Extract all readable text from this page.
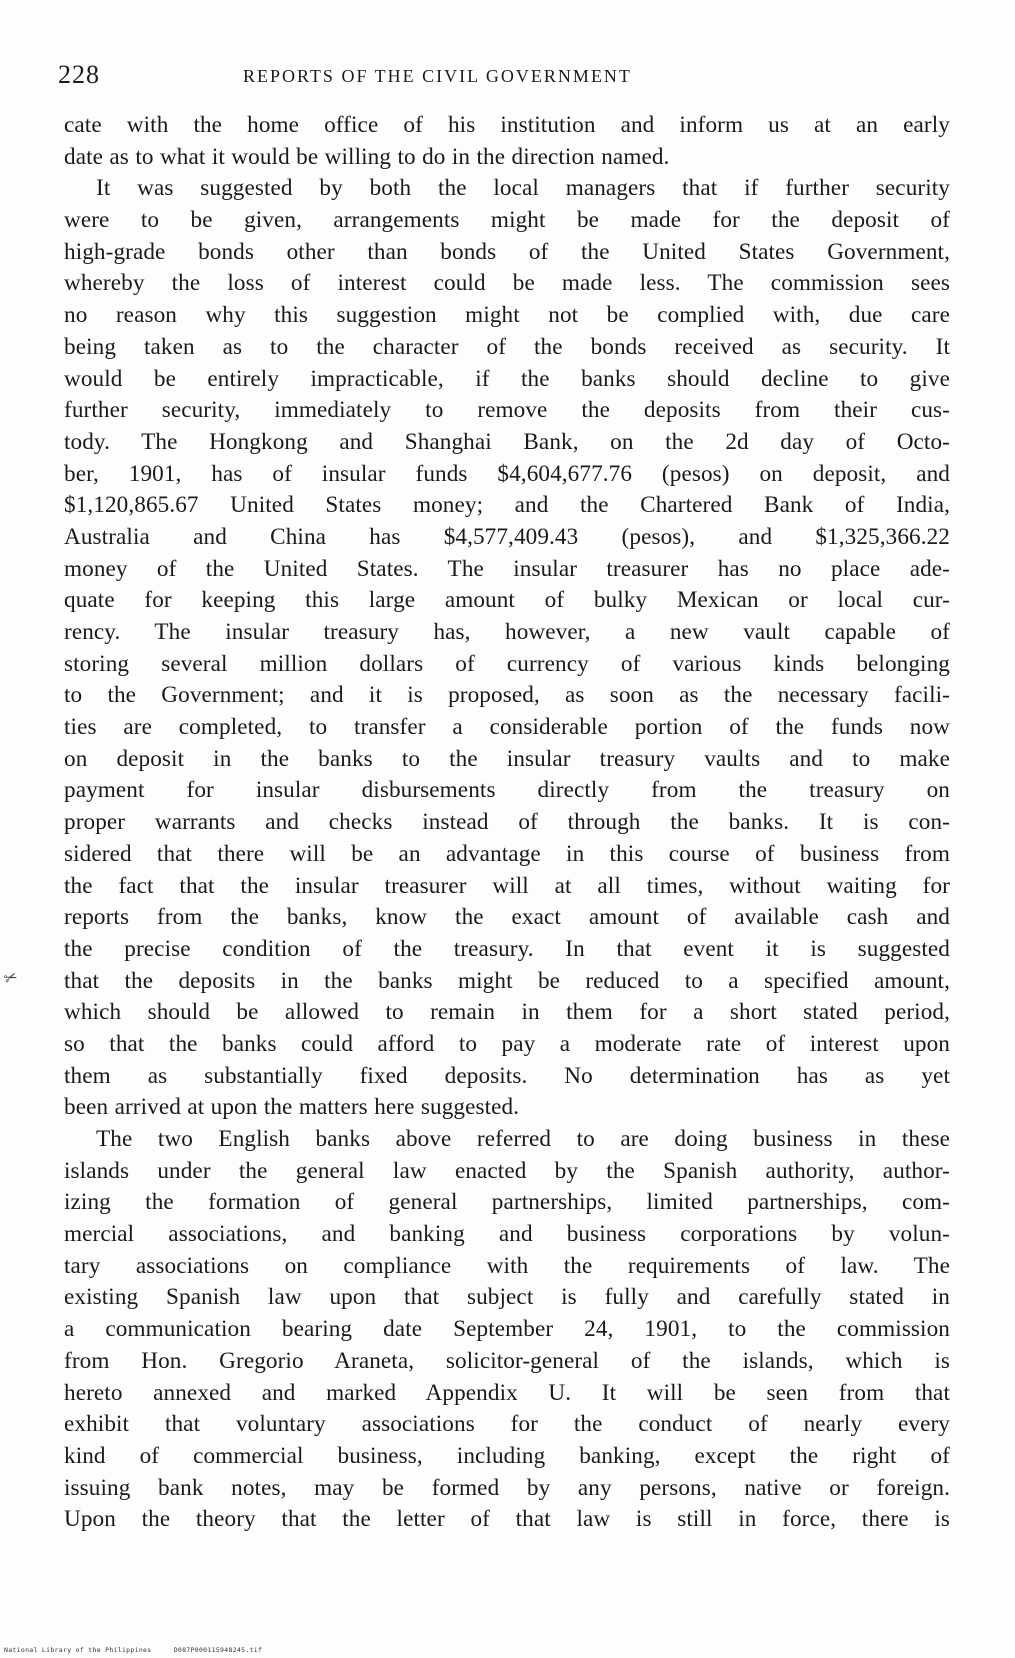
228	REPORTS OF THE CIVIL GOVERNMENT
cate with the home office of his institution and inform us at an early
date as to what it would be willing to do in the direction named.
It was suggested by both the local managers that if further security
were to be given, arrangements might be made for the deposit of
high-grade bonds other than bonds of the United States Government,
whereby the loss of interest could be made less. The commission sees
no reason why this suggestion might not be complied with, due care
being taken as to the character of the bonds received as security. It
would be entirely impracticable, if the banks should decline to give
further security, immediately to remove the deposits from their cus-
tody. The Hongkong and Shanghai Bank, on the 2d day of Octo-
ber, 1901, has of insular funds $4,604,677.76 (pesos) on deposit, and
$1,120,865.67 United States money; and the Chartered Bank of India,
Australia and China has $4,577,409.43 (pesos), and $1,325,366.22
money of the United States. The insular treasurer has no place ade-
quate for keeping this large amount of bulky Mexican or local cur-
rency. The insular treasury has, however, a new vault capable of
storing several million dollars of currency of various kinds belonging
to the Government; and it is proposed, as soon as the necessary facili-
ties are completed, to transfer a considerable portion of the funds now
on deposit in the banks to the insular treasury vaults and to make
payment for insular disbursements directly from the treasury on
proper warrants and checks instead of through the banks. It is con-
sidered that there will be an advantage in this course of business from
the fact that the insular treasurer will at all times, without waiting for
reports from the banks, know the exact amount of available cash and
the precise condition of the treasury. In that event it is suggested
that the deposits in the banks might be reduced to a specified amount,
which should be allowed to remain in them for a short stated period,
so that the banks could afford to pay a moderate rate of interest upon
them as substantially fixed deposits. No determination has as yet
been arrived at upon the matters here suggested.
The two English banks above referred to are doing business in these
islands under the general law enacted by the Spanish authority, author-
izing the formation of general partnerships, limited partnerships, com-
mercial associations, and banking and business corporations by volun-
tary associations on compliance with the requirements of law. The
existing Spanish law upon that subject is fully and carefully stated in
a communication bearing date September 24, 1901, to the commission
from Hon. Gregorio Araneta, solicitor-general of the islands, which is
hereto annexed and marked Appendix U. It will be seen from that
exhibit that voluntary associations for the conduct of nearly every
kind of commercial business, including banking, except the right of
issuing bank notes, may be formed by any persons, native or foreign.
Upon the theory that the letter of that law is still in force, there is
✂
National Library of the Philippines	D087P000115948245.tif
